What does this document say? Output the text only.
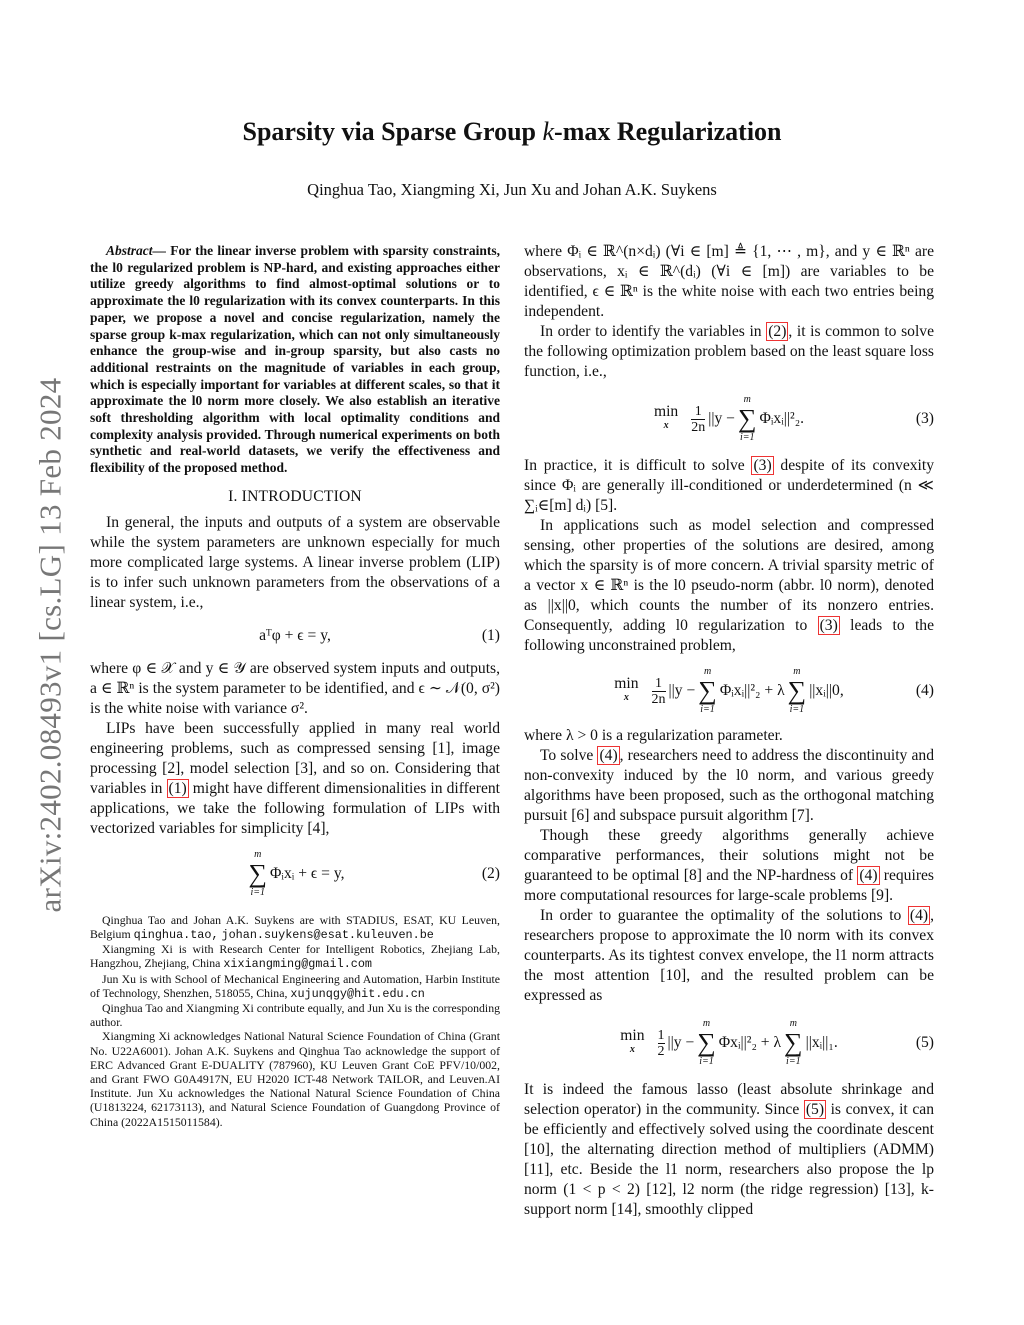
arXiv:2402.08493v1 [cs.LG] 13 Feb 2024
Sparsity via Sparse Group k-max Regularization
Qinghua Tao, Xiangming Xi, Jun Xu and Johan A.K. Suykens

Abstract— For the linear inverse problem with sparsity constraints, the l0 regularized problem is NP-hard, and existing approaches either utilize greedy algorithms to find almost-optimal solutions or to approximate the l0 regularization with its convex counterparts. In this paper, we propose a novel and concise regularization, namely the sparse group k-max regularization, which can not only simultaneously enhance the group-wise and in-group sparsity, but also casts no additional restraints on the magnitude of variables in each group, which is especially important for variables at different scales, so that it approximate the l0 norm more closely. We also establish an iterative soft thresholding algorithm with local optimality conditions and complexity analysis provided. Through numerical experiments on both synthetic and real-world datasets, we verify the effectiveness and flexibility of the proposed method.

I. INTRODUCTION

In general, the inputs and outputs of a system are observable while the system parameters are unknown especially for much more complicated large systems. A linear inverse problem (LIP) is to infer such unknown parameters from the observations of a linear system, i.e.,

aᵀφ + ϵ = y,	(1)

where φ ∈ 𝒳 and y ∈ 𝒴 are observed system inputs and outputs, a ∈ ℝⁿ is the system parameter to be identified, and ϵ ∼ 𝒩(0, σ²) is the white noise with variance σ².

LIPs have been successfully applied in many real world engineering problems, such as compressed sensing [1], image processing [2], model selection [3], and so on. Considering that variables in (1) might have different dimensionalities in different applications, we take the following formulation of LIPs with vectorized variables for simplicity [4],

m
∑
i=1
Φᵢxᵢ + ϵ = y,	(2)

Qinghua Tao and Johan A.K. Suykens are with STADIUS, ESAT, KU Leuven, Belgium qinghua.tao, johan.suykens@esat.kuleuven.be

Xiangming Xi is with Research Center for Intelligent Robotics, Zhejiang Lab, Hangzhou, Zhejiang, China xixiangming@gmail.com

Jun Xu is with School of Mechanical Engineering and Automation, Harbin Institute of Technology, Shenzhen, 518055, China, xujunqgy@hit.edu.cn

Qinghua Tao and Xiangming Xi contribute equally, and Jun Xu is the corresponding author.

Xiangming Xi acknowledges National Natural Science Foundation of China (Grant No. U22A6001). Johan A.K. Suykens and Qinghua Tao acknowledge the support of ERC Advanced Grant E-DUALITY (787960), KU Leuven Grant CoE PFV/10/002, and Grant FWO G0A4917N, EU H2020 ICT-48 Network TAILOR, and Leuven.AI Institute. Jun Xu acknowledges the National Natural Science Foundation of China (U1813224, 62173113), and Natural Science Foundation of Guangdong Province of China (2022A1515011584).

where Φᵢ ∈ ℝ^(n×dᵢ) (∀i ∈ [m] ≜ {1, ⋯ , m}, and y ∈ ℝⁿ are observations, xᵢ ∈ ℝ^(dᵢ) (∀i ∈ [m]) are variables to be identified, ϵ ∈ ℝⁿ is the white noise with each two entries being independent.

In order to identify the variables in (2) , it is common to solve the following optimization problem based on the least square loss function, i.e.,

min
x $\frac{1}{2n} ||y$ −
m
∑
i=1
Φᵢxᵢ||²₂.	(3)

In practice, it is difficult to solve (3) despite of its convexity since Φᵢ are generally ill-conditioned or underdetermined (n ≪ ∑ᵢ∈[m] dᵢ) [5].

In applications such as model selection and compressed sensing, other properties of the solutions are desired, among which the sparsity is of more concern. A trivial sparsity metric of a vector x ∈ ℝⁿ is the l0 pseudo-norm (abbr. l0 norm), denoted as ||x||0, which counts the number of its nonzero entries. Consequently, adding l0 regularization to (3) leads to the following unconstrained problem,

min
x $\frac{1}{2n} ||y$ −
m
∑
i=1
Φᵢxᵢ||²₂ + λ
m
∑
i=1
||xᵢ||0,	(4)

where λ > 0 is a regularization parameter.

To solve (4) , researchers need to address the discontinuity and non-convexity induced by the l0 norm, and various greedy algorithms have been proposed, such as the orthogonal matching pursuit [6] and subspace pursuit algorithm [7].

Though these greedy algorithms generally achieve comparative performances, their solutions might not be guaranteed to be optimal [8] and the NP-hardness of (4) requires more computational resources for large-scale problems [9].

In order to guarantee the optimality of the solutions to (4) , researchers propose to approximate the l0 norm with its convex counterparts. As its tightest convex envelope, the l1 norm attracts the most attention [10], and the resulted problem can be expressed as

min
x $\frac{1}{2} ||y$ −
m
∑
i=1
Φxᵢ||²₂ + λ
m
∑
i=1
||xᵢ||₁.	(5)

It is indeed the famous lasso (least absolute shrinkage and selection operator) in the community. Since (5) is convex, it can be efficiently and effectively solved using the coordinate descent [10], the alternating direction method of multipliers (ADMM) [11], etc. Beside the l1 norm, researchers also propose the lp norm (1 < p < 2) [12], l2 norm (the ridge regression) [13], k-support norm [14], smoothly clipped
